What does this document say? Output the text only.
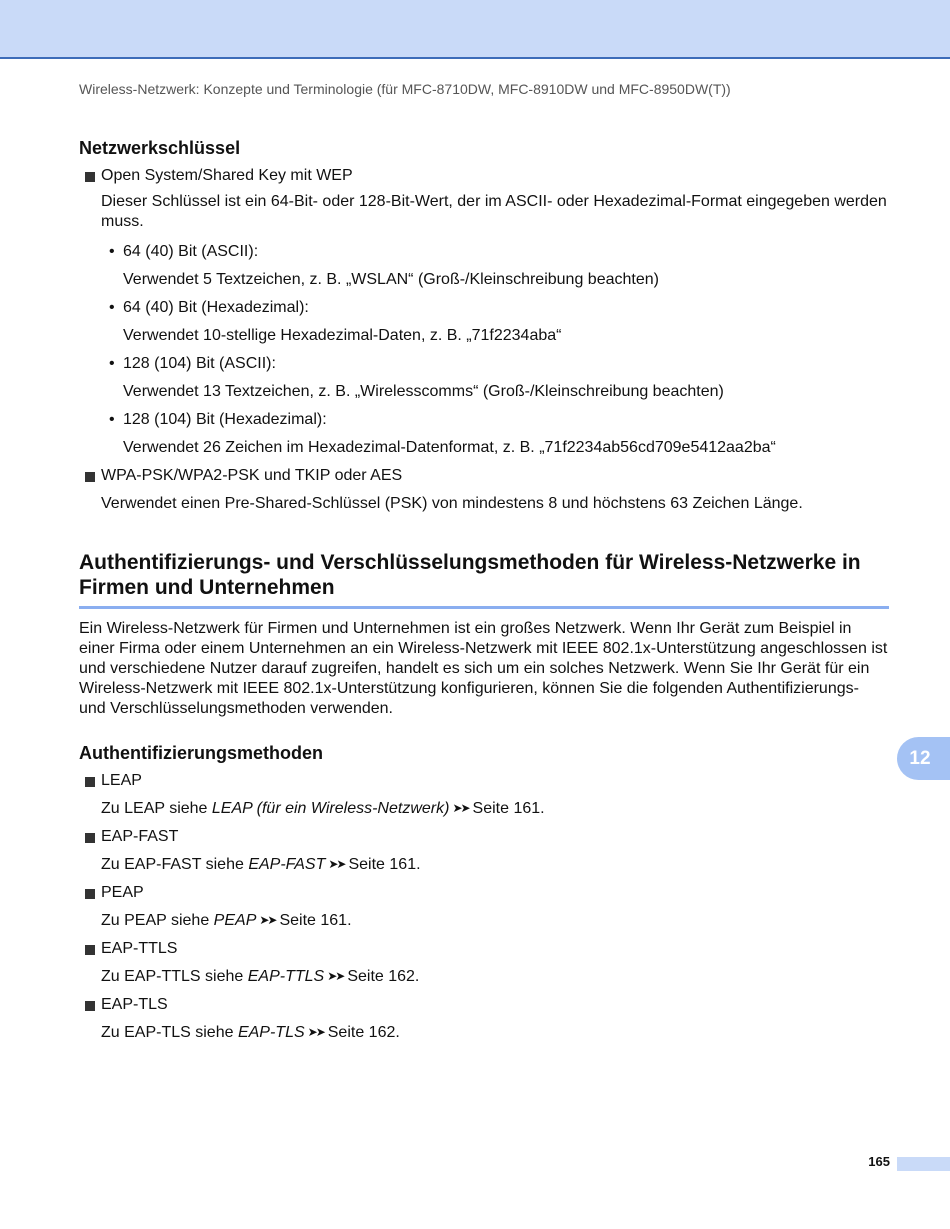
Wireless-Netzwerk: Konzepte und Terminologie (für MFC-8710DW, MFC-8910DW und MFC-8950DW(T))
Netzwerkschlüssel
Open System/Shared Key mit WEP
Dieser Schlüssel ist ein 64-Bit- oder 128-Bit-Wert, der im ASCII- oder Hexadezimal-Format eingegeben werden muss.
• 64 (40) Bit (ASCII):
Verwendet 5 Textzeichen, z. B. „WSLAN“ (Groß-/Kleinschreibung beachten)
• 64 (40) Bit (Hexadezimal):
Verwendet 10-stellige Hexadezimal-Daten, z. B. „71f2234aba“
• 128 (104) Bit (ASCII):
Verwendet 13 Textzeichen, z. B. „Wirelesscomms“ (Groß-/Kleinschreibung beachten)
• 128 (104) Bit (Hexadezimal):
Verwendet 26 Zeichen im Hexadezimal-Datenformat, z. B. „71f2234ab56cd709e5412aa2ba“
WPA-PSK/WPA2-PSK und TKIP oder AES
Verwendet einen Pre-Shared-Schlüssel (PSK) von mindestens 8 und höchstens 63 Zeichen Länge.
Authentifizierungs- und Verschlüsselungsmethoden für Wireless-Netzwerke in Firmen und Unternehmen

Ein Wireless-Netzwerk für Firmen und Unternehmen ist ein großes Netzwerk. Wenn Ihr Gerät zum Beispiel in einer Firma oder einem Unternehmen an ein Wireless-Netzwerk mit IEEE 802.1x-Unterstützung angeschlossen ist und verschiedene Nutzer darauf zugreifen, handelt es sich um ein solches Netzwerk. Wenn Sie Ihr Gerät für ein Wireless-Netzwerk mit IEEE 802.1x-Unterstützung konfigurieren, können Sie die folgenden Authentifizierungs- und Verschlüsselungsmethoden verwenden.

Authentifizierungsmethoden
LEAP
Zu LEAP siehe LEAP (für ein Wireless-Netzwerk) ➤➤ Seite 161.
EAP-FAST
Zu EAP-FAST siehe EAP-FAST ➤➤ Seite 161.
PEAP
Zu PEAP siehe PEAP ➤➤ Seite 161.
EAP-TTLS
Zu EAP-TTLS siehe EAP-TTLS ➤➤ Seite 162.
EAP-TLS
Zu EAP-TLS siehe EAP-TLS ➤➤ Seite 162.
12
165
